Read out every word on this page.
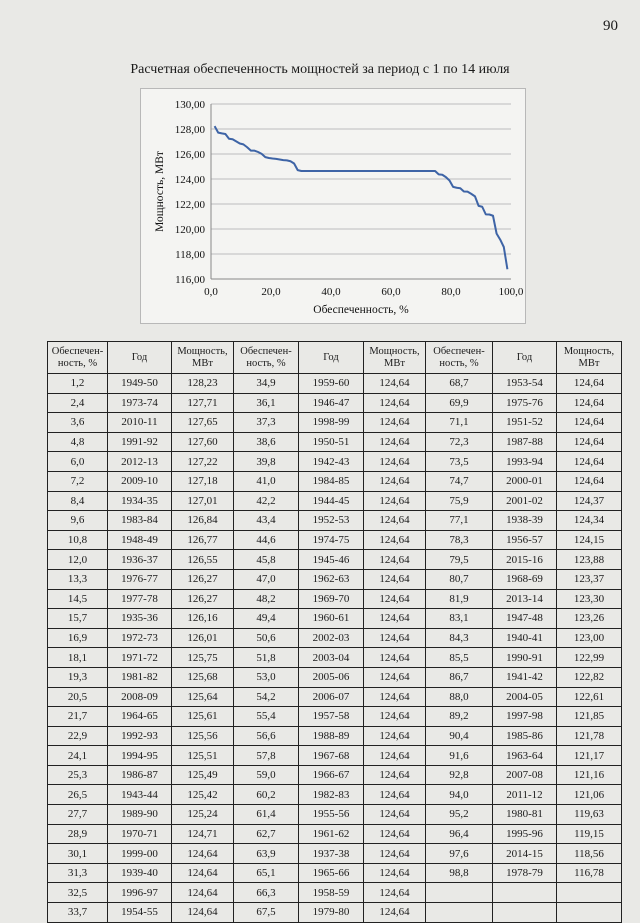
90
Расчетная обеспеченность мощностей за период с 1 по 14 июля
116,00
118,00
120,00
122,00
124,00
126,00
128,00
130,00
0,0	20,0	40,0	60,0	80,0	100,0
Обеспеченность, %
Мощность, МВт
Обеспечен-ность, %	Год	Мощность, МВт	Обеспечен-ность, %	Год	Мощность, МВт	Обеспечен-ность, %	Год	Мощность, МВт
1,2	1949-50	128,23	34,9	1959-60	124,64	68,7	1953-54	124,64
2,4	1973-74	127,71	36,1	1946-47	124,64	69,9	1975-76	124,64
3,6	2010-11	127,65	37,3	1998-99	124,64	71,1	1951-52	124,64
4,8	1991-92	127,60	38,6	1950-51	124,64	72,3	1987-88	124,64
6,0	2012-13	127,22	39,8	1942-43	124,64	73,5	1993-94	124,64
7,2	2009-10	127,18	41,0	1984-85	124,64	74,7	2000-01	124,64
8,4	1934-35	127,01	42,2	1944-45	124,64	75,9	2001-02	124,37
9,6	1983-84	126,84	43,4	1952-53	124,64	77,1	1938-39	124,34
10,8	1948-49	126,77	44,6	1974-75	124,64	78,3	1956-57	124,15
12,0	1936-37	126,55	45,8	1945-46	124,64	79,5	2015-16	123,88
13,3	1976-77	126,27	47,0	1962-63	124,64	80,7	1968-69	123,37
14,5	1977-78	126,27	48,2	1969-70	124,64	81,9	2013-14	123,30
15,7	1935-36	126,16	49,4	1960-61	124,64	83,1	1947-48	123,26
16,9	1972-73	126,01	50,6	2002-03	124,64	84,3	1940-41	123,00
18,1	1971-72	125,75	51,8	2003-04	124,64	85,5	1990-91	122,99
19,3	1981-82	125,68	53,0	2005-06	124,64	86,7	1941-42	122,82
20,5	2008-09	125,64	54,2	2006-07	124,64	88,0	2004-05	122,61
21,7	1964-65	125,61	55,4	1957-58	124,64	89,2	1997-98	121,85
22,9	1992-93	125,56	56,6	1988-89	124,64	90,4	1985-86	121,78
24,1	1994-95	125,51	57,8	1967-68	124,64	91,6	1963-64	121,17
25,3	1986-87	125,49	59,0	1966-67	124,64	92,8	2007-08	121,16
26,5	1943-44	125,42	60,2	1982-83	124,64	94,0	2011-12	121,06
27,7	1989-90	125,24	61,4	1955-56	124,64	95,2	1980-81	119,63
28,9	1970-71	124,71	62,7	1961-62	124,64	96,4	1995-96	119,15
30,1	1999-00	124,64	63,9	1937-38	124,64	97,6	2014-15	118,56
31,3	1939-40	124,64	65,1	1965-66	124,64	98,8	1978-79	116,78
32,5	1996-97	124,64	66,3	1958-59	124,64			
33,7	1954-55	124,64	67,5	1979-80	124,64			
